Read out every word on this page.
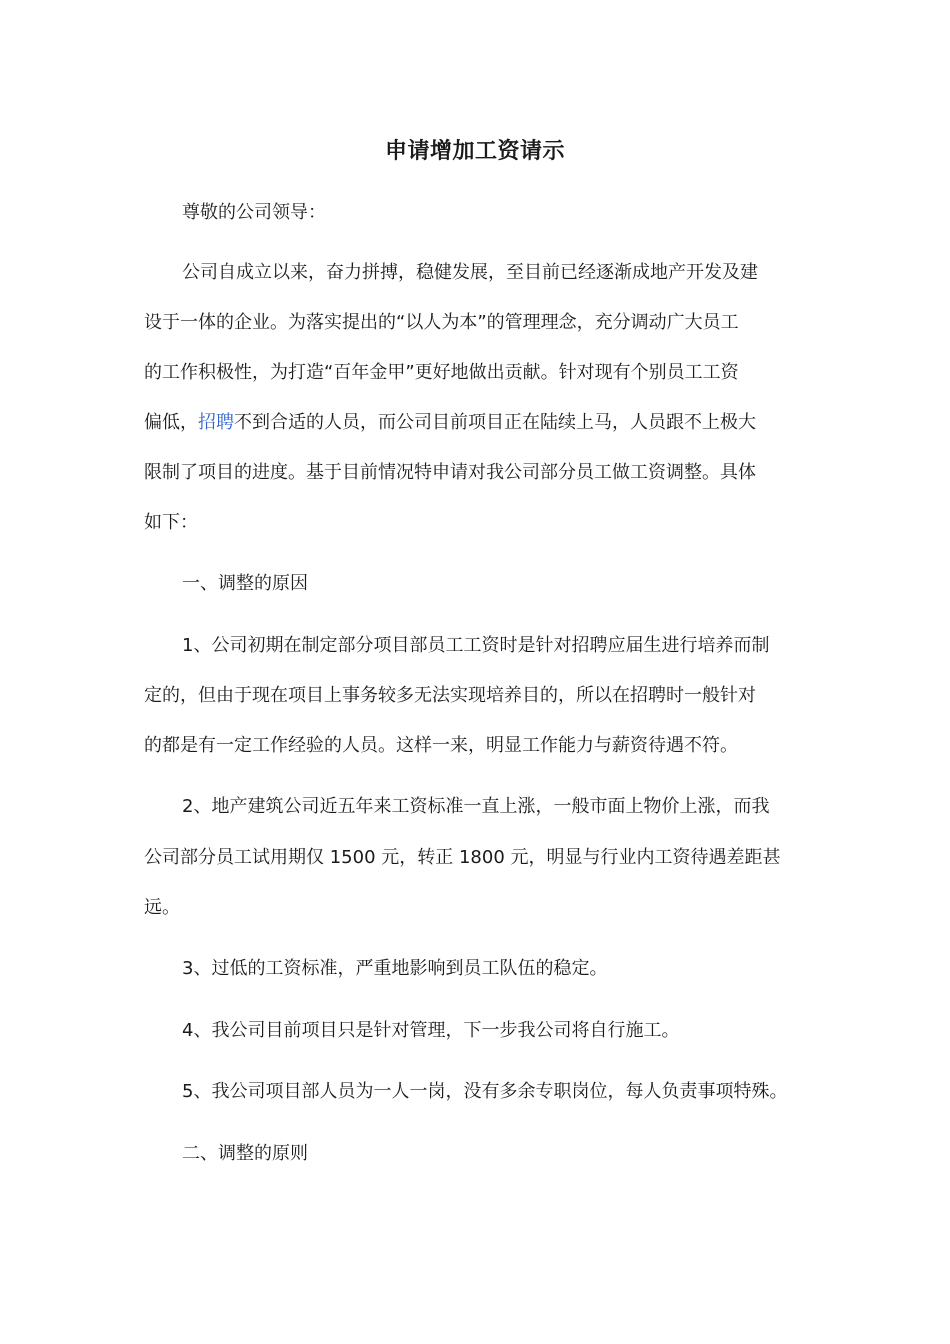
申请增加工资请示
尊敬的公司领导：
公司自成立以来，奋力拼搏，稳健发展，至目前已经逐渐成地产开发及建
设于一体的企业。为落实提出的“以人为本”的管理理念，充分调动广大员工
的工作积极性，为打造“百年金甲”更好地做出贡献。针对现有个别员工工资
偏低，招聘不到合适的人员，而公司目前项目正在陆续上马，人员跟不上极大
限制了项目的进度。基于目前情况特申请对我公司部分员工做工资调整。具体
如下：
一、调整的原因
1、公司初期在制定部分项目部员工工资时是针对招聘应届生进行培养而制
定的，但由于现在项目上事务较多无法实现培养目的，所以在招聘时一般针对
的都是有一定工作经验的人员。这样一来，明显工作能力与薪资待遇不符。
2、地产建筑公司近五年来工资标准一直上涨，一般市面上物价上涨，而我
公司部分员工试用期仅 1500 元，转正 1800 元，明显与行业内工资待遇差距甚
远。
3、过低的工资标准，严重地影响到员工队伍的稳定。
4、我公司目前项目只是针对管理，下一步我公司将自行施工。
5、我公司项目部人员为一人一岗，没有多余专职岗位，每人负责事项特殊。
二、调整的原则
